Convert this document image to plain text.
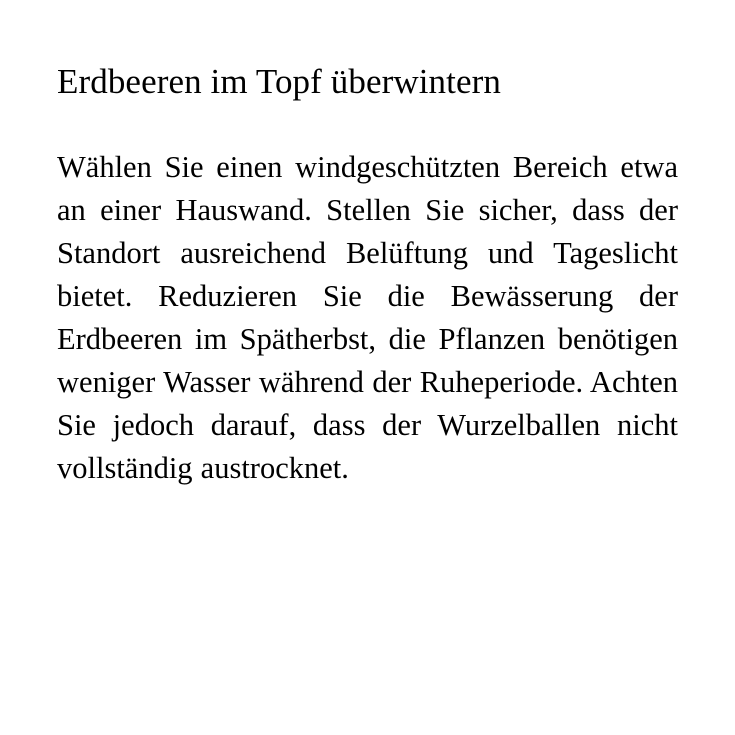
Erdbeeren im Topf überwintern

Wählen Sie einen windgeschützten Bereich etwa an einer Hauswand. Stellen Sie sicher, dass der Standort ausreichend Belüftung und Tageslicht bietet. Reduzieren Sie die Bewässerung der Erdbeeren im Spätherbst, die Pflanzen benötigen weniger Wasser während der Ruheperiode. Achten Sie jedoch darauf, dass der Wurzelballen nicht vollständig austrocknet.
